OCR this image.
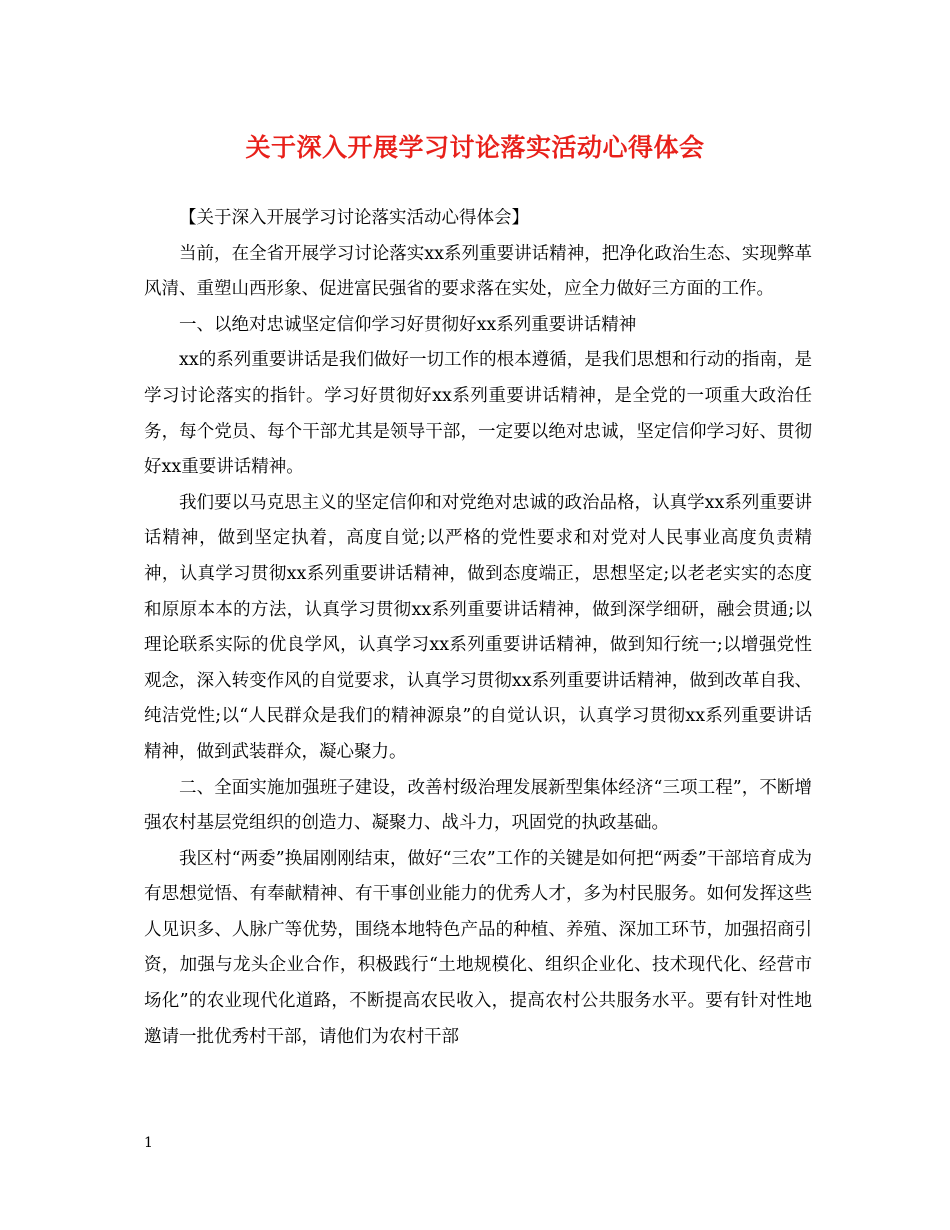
关于深入开展学习讨论落实活动心得体会

【关于深入开展学习讨论落实活动心得体会】

当前，在全省开展学习讨论落实xx系列重要讲话精神，把净化政治生态、实现弊革风清、重塑山西形象、促进富民强省的要求落在实处，应全力做好三方面的工作。

一、以绝对忠诚坚定信仰学习好贯彻好xx系列重要讲话精神

xx的系列重要讲话是我们做好一切工作的根本遵循，是我们思想和行动的指南，是学习讨论落实的指针。学习好贯彻好xx系列重要讲话精神，是全党的一项重大政治任务，每个党员、每个干部尤其是领导干部，一定要以绝对忠诚，坚定信仰学习好、贯彻好xx重要讲话精神。

我们要以马克思主义的坚定信仰和对党绝对忠诚的政治品格，认真学xx系列重要讲话精神，做到坚定执着，高度自觉;以严格的党性要求和对党对人民事业高度负责精神，认真学习贯彻xx系列重要讲话精神，做到态度端正，思想坚定;以老老实实的态度和原原本本的方法，认真学习贯彻xx系列重要讲话精神，做到深学细研，融会贯通;以理论联系实际的优良学风，认真学习xx系列重要讲话精神，做到知行统一;以增强党性观念，深入转变作风的自觉要求，认真学习贯彻xx系列重要讲话精神，做到改革自我、纯洁党性;以“人民群众是我们的精神源泉”的自觉认识，认真学习贯彻xx系列重要讲话精神，做到武装群众，凝心聚力。

二、全面实施加强班子建设，改善村级治理发展新型集体经济“三项工程”，不断增强农村基层党组织的创造力、凝聚力、战斗力，巩固党的执政基础。

我区村“两委”换届刚刚结束，做好“三农”工作的关键是如何把“两委”干部培育成为有思想觉悟、有奉献精神、有干事创业能力的优秀人才，多为村民服务。如何发挥这些人见识多、人脉广等优势，围绕本地特色产品的种植、养殖、深加工环节，加强招商引资，加强与龙头企业合作，积极践行“土地规模化、组织企业化、技术现代化、经营市场化”的农业现代化道路，不断提高农民收入，提高农村公共服务水平。要有针对性地邀请一批优秀村干部，请他们为农村干部

1
